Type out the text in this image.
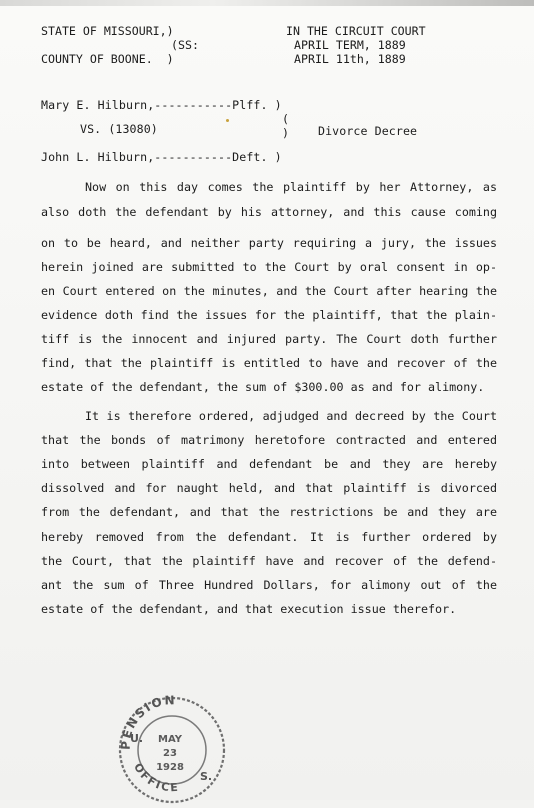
STATE OF MISSOURI,)
(SS:
COUNTY OF BOONE.  )
IN THE CIRCUIT COURT
APRIL TERM, 1889
APRIL 11th, 1889
Mary E. Hilburn,-----------Plff. )
VS. (13080)
(
) Divorce Decree
John L. Hilburn,-----------Deft. )
Now on this day comes the plaintiff by her Attorney, as
also doth the defendant by his attorney, and this cause coming
on to be heard, and neither party requiring a jury, the issues
herein joined are submitted to the Court by oral consent in op-
en Court entered on the minutes, and the Court after hearing the
evidence doth find the issues for the plaintiff, that the plain-
tiff is the innocent and injured party. The Court doth further
find, that the plaintiff is entitled to have and recover of the
estate of the defendant, the sum of $300.00 as and for alimony.
It is therefore ordered, adjudged and decreed by the Court
that the bonds of matrimony heretofore contracted and entered
into between plaintiff and defendant be and they are hereby
dissolved and for naught held, and that plaintiff is divorced
from the defendant, and that the restrictions be and they are
hereby removed from the defendant. It is further ordered by
the Court, that the plaintiff have and recover of the defend-
ant the sum of Three Hundred Dollars, for alimony out of the
estate of the defendant, and that execution issue therefor.
PENSION
OFFICE
U.
S.
MAY
23
1928
